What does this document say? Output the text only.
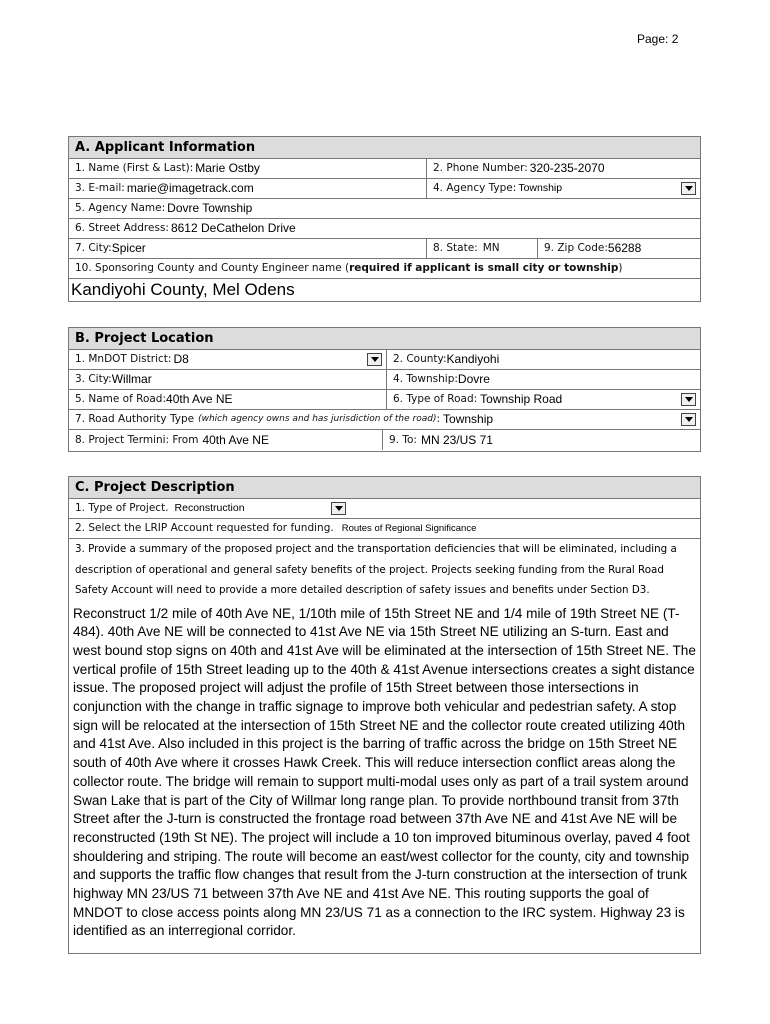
Page: 2
A. Applicant Information
1. Name (First & Last): Marie Ostby	2. Phone Number: 320-235-2070
3. E-mail: marie@imagetrack.com	4. Agency Type: Township
5. Agency Name: Dovre Township
6. Street Address: 8612 DeCathelon Drive
7. City: Spicer	8. State: MN	9. Zip Code: 56288
10. Sponsoring County and County Engineer name ( required if applicant is small city or township )
Kandiyohi County, Mel Odens
B. Project Location
1. MnDOT District: D8	2. County: Kandiyohi
3. City: Willmar	4. Township: Dovre
5. Name of Road: 40th Ave NE	6. Type of Road: Township Road
7. Road Authority Type (which agency owns and has jurisdiction of the road) : Township
8. Project Termini: From 40th Ave NE	9. To: MN 23/US 71
C. Project Description
1. Type of Project. Reconstruction
2. Select the LRIP Account requested for funding. Routes of Regional Significance
3. Provide a summary of the proposed project and the transportation deficiencies that will be eliminated, including a description of operational and general safety benefits of the project. Projects seeking funding from the Rural Road Safety Account will need to provide a more detailed description of safety issues and benefits under Section D3.
Reconstruct 1/2 mile of 40th Ave NE, 1/10th mile of 15th Street NE and 1/4 mile of 19th Street NE (T-484). 40th Ave NE will be connected to 41st Ave NE via 15th Street NE utilizing an S-turn. East and west bound stop signs on 40th and 41st Ave will be eliminated at the intersection of 15th Street NE. The vertical profile of 15th Street leading up to the 40th & 41st Avenue intersections creates a sight distance issue. The proposed project will adjust the profile of 15th Street between those intersections in conjunction with the change in traffic signage to improve both vehicular and pedestrian safety. A stop sign will be relocated at the intersection of 15th Street NE and the collector route created utilizing 40th and 41st Ave. Also included in this project is the barring of traffic across the bridge on 15th Street NE south of 40th Ave where it crosses Hawk Creek. This will reduce intersection conflict areas along the collector route. The bridge will remain to support multi-modal uses only as part of a trail system around Swan Lake that is part of the City of Willmar long range plan. To provide northbound transit from 37th Street after the J-turn is constructed the frontage road between 37th Ave NE and 41st Ave NE will be reconstructed (19th St NE). The project will include a 10 ton improved bituminous overlay, paved 4 foot shouldering and striping. The route will become an east/west collector for the county, city and township and supports the traffic flow changes that result from the J-turn construction at the intersection of trunk highway MN 23/US 71 between 37th Ave NE and 41st Ave NE. This routing supports the goal of MNDOT to close access points along MN 23/US 71 as a connection to the IRC system. Highway 23 is identified as an interregional corridor.
